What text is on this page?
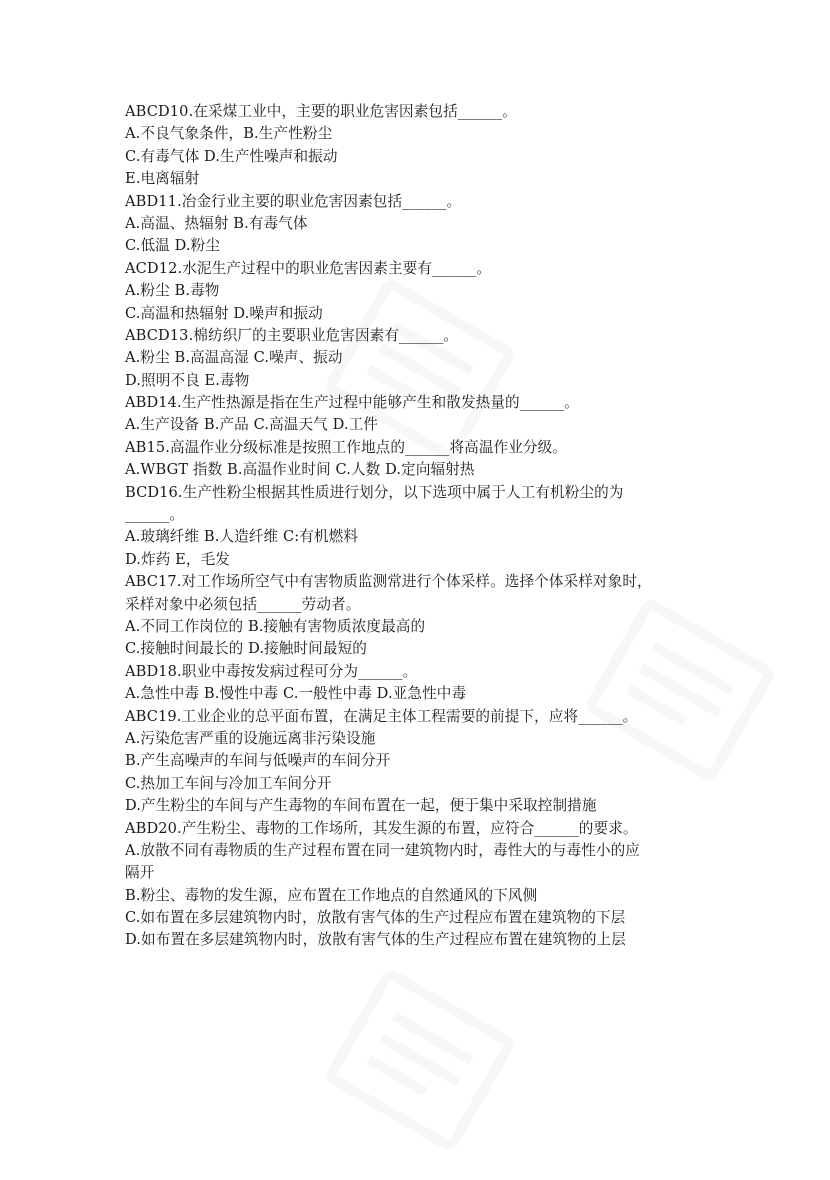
ABCD10.在采煤工业中，主要的职业危害因素包括______。
A.不良气象条件，B.生产性粉尘
C.有毒气体 D.生产性噪声和振动
E.电离辐射
ABD11.冶金行业主要的职业危害因素包括______。
A.高温、热辐射 B.有毒气体
C.低温 D.粉尘
ACD12.水泥生产过程中的职业危害因素主要有______。
A.粉尘 B.毒物
C.高温和热辐射 D.噪声和振动
ABCD13.棉纺织厂的主要职业危害因素有______。
A.粉尘 B.高温高湿 C.噪声、振动
D.照明不良 E.毒物
ABD14.生产性热源是指在生产过程中能够产生和散发热量的______。
A.生产设备 B.产品 C.高温天气 D.工件
AB15.高温作业分级标准是按照工作地点的______将高温作业分级。
A.WBGT 指数 B.高温作业时间 C.人数 D.定向辐射热
BCD16.生产性粉尘根据其性质进行划分，以下选项中属于人工有机粉尘的为
______。
A.玻璃纤维 B.人造纤维 C:有机燃料
D.炸药 E，毛发
ABC17.对工作场所空气中有害物质监测常进行个体采样。选择个体采样对象时，
采样对象中必须包括______劳动者。
A.不同工作岗位的 B.接触有害物质浓度最高的
C.接触时间最长的 D.接触时间最短的
ABD18.职业中毒按发病过程可分为______。
A.急性中毒 B.慢性中毒 C.一般性中毒 D.亚急性中毒
ABC19.工业企业的总平面布置，在满足主体工程需要的前提下，应将______。
A.污染危害严重的设施远离非污染设施
B.产生高噪声的车间与低噪声的车间分开
C.热加工车间与冷加工车间分开
D.产生粉尘的车间与产生毒物的车间布置在一起，便于集中采取控制措施
ABD20.产生粉尘、毒物的工作场所，其发生源的布置，应符合______的要求。
A.放散不同有毒物质的生产过程布置在同一建筑物内时，毒性大的与毒性小的应
隔开
B.粉尘、毒物的发生源，应布置在工作地点的自然通风的下风侧
C.如布置在多层建筑物内时，放散有害气体的生产过程应布置在建筑物的下层
D.如布置在多层建筑物内时，放散有害气体的生产过程应布置在建筑物的上层
